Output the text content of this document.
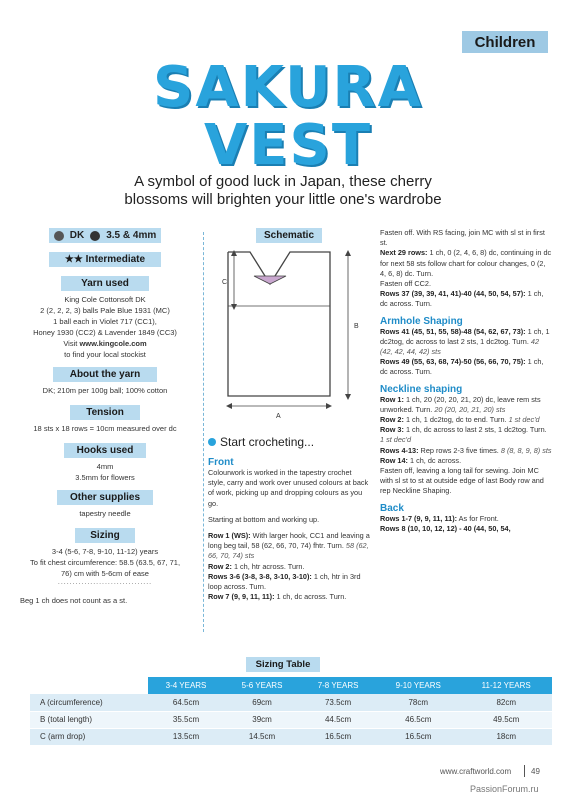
Children
SAKURA
VEST
A symbol of good luck in Japan, these cherry
blossoms will brighten your little one's wardrobe
DK 3.5 & 4mm
★★ Intermediate
Yarn used
King Cole Cottonsoft DK
2 (2, 2, 2, 3) balls Pale Blue 1931 (MC)
1 ball each in Violet 717 (CC1),
Honey 1930 (CC2) & Lavender 1849 (CC3)
Visit www.kingcole.com
to find your local stockist
About the yarn
DK; 210m per 100g ball; 100% cotton
Tension
18 sts x 18 rows = 10cm measured over dc
Hooks used
4mm
3.5mm for flowers
Other supplies
tapestry needle
Sizing
3-4 (5-6, 7-8, 9-10, 11-12) years
To fit chest circumference: 58.5 (63.5, 67, 71,
76) cm with 5-6cm of ease
................................
Beg 1 ch does not count as a st.
Schematic
C
B
A
Start crocheting...
Front
Colourwork is worked in the tapestry crochet style, carry and work over unused colours at back of work, picking up and dropping colours as you go.
Starting at bottom and working up.
Row 1 (WS): With larger hook, CC1 and leaving a long beg tail, 58 (62, 66, 70, 74) fhtr. Turn. 58 (62, 66, 70, 74) sts
Row 2: 1 ch, htr across. Turn.
Rows 3-6 (3-8, 3-8, 3-10, 3-10): 1 ch, htr in 3rd loop across. Turn.
Row 7 (9, 9, 11, 11): 1 ch, dc across. Turn.
Fasten off. With RS facing, join MC with sl st in first st.
Next 29 rows: 1 ch, 0 (2, 4, 6, 8) dc, continuing in dc for next 58 sts follow chart for colour changes, 0 (2, 4, 6, 8) dc. Turn.
Fasten off CC2.
Rows 37 (39, 39, 41, 41)-40 (44, 50, 54, 57): 1 ch, dc across. Turn.
Armhole Shaping
Rows 41 (45, 51, 55, 58)-48 (54, 62, 67, 73): 1 ch, 1 dc2tog, dc across to last 2 sts, 1 dc2tog. Turn. 42 (42, 42, 44, 42) sts
Rows 49 (55, 63, 68, 74)-50 (56, 66, 70, 75): 1 ch, dc across. Turn.
Neckline shaping
Row 1: 1 ch, 20 (20, 20, 21, 20) dc, leave rem sts unworked. Turn. 20 (20, 20, 21, 20) sts
Row 2: 1 ch, 1 dc2tog, dc to end. Turn. 1 st dec'd
Row 3: 1 ch, dc across to last 2 sts, 1 dc2tog. Turn. 1 st dec'd
Rows 4-13: Rep rows 2-3 five times. 8 (8, 8, 9, 8) sts
Row 14: 1 ch, dc across.
Fasten off, leaving a long tail for sewing. Join MC with sl st to st at outside edge of last Body row and rep Neckline Shaping.
Back
Rows 1-7 (9, 9, 11, 11): As for Front.
Rows 8 (10, 10, 12, 12) - 40 (44, 50, 54,
Sizing Table
	3-4 YEARS	5-6 YEARS	7-8 YEARS	9-10 YEARS	11-12 YEARS
A (circumference)	64.5cm	69cm	73.5cm	78cm	82cm
B (total length)	35.5cm	39cm	44.5cm	46.5cm	49.5cm
C (arm drop)	13.5cm	14.5cm	16.5cm	16.5cm	18cm
www.craftworld.com 49
PassionForum.ru
